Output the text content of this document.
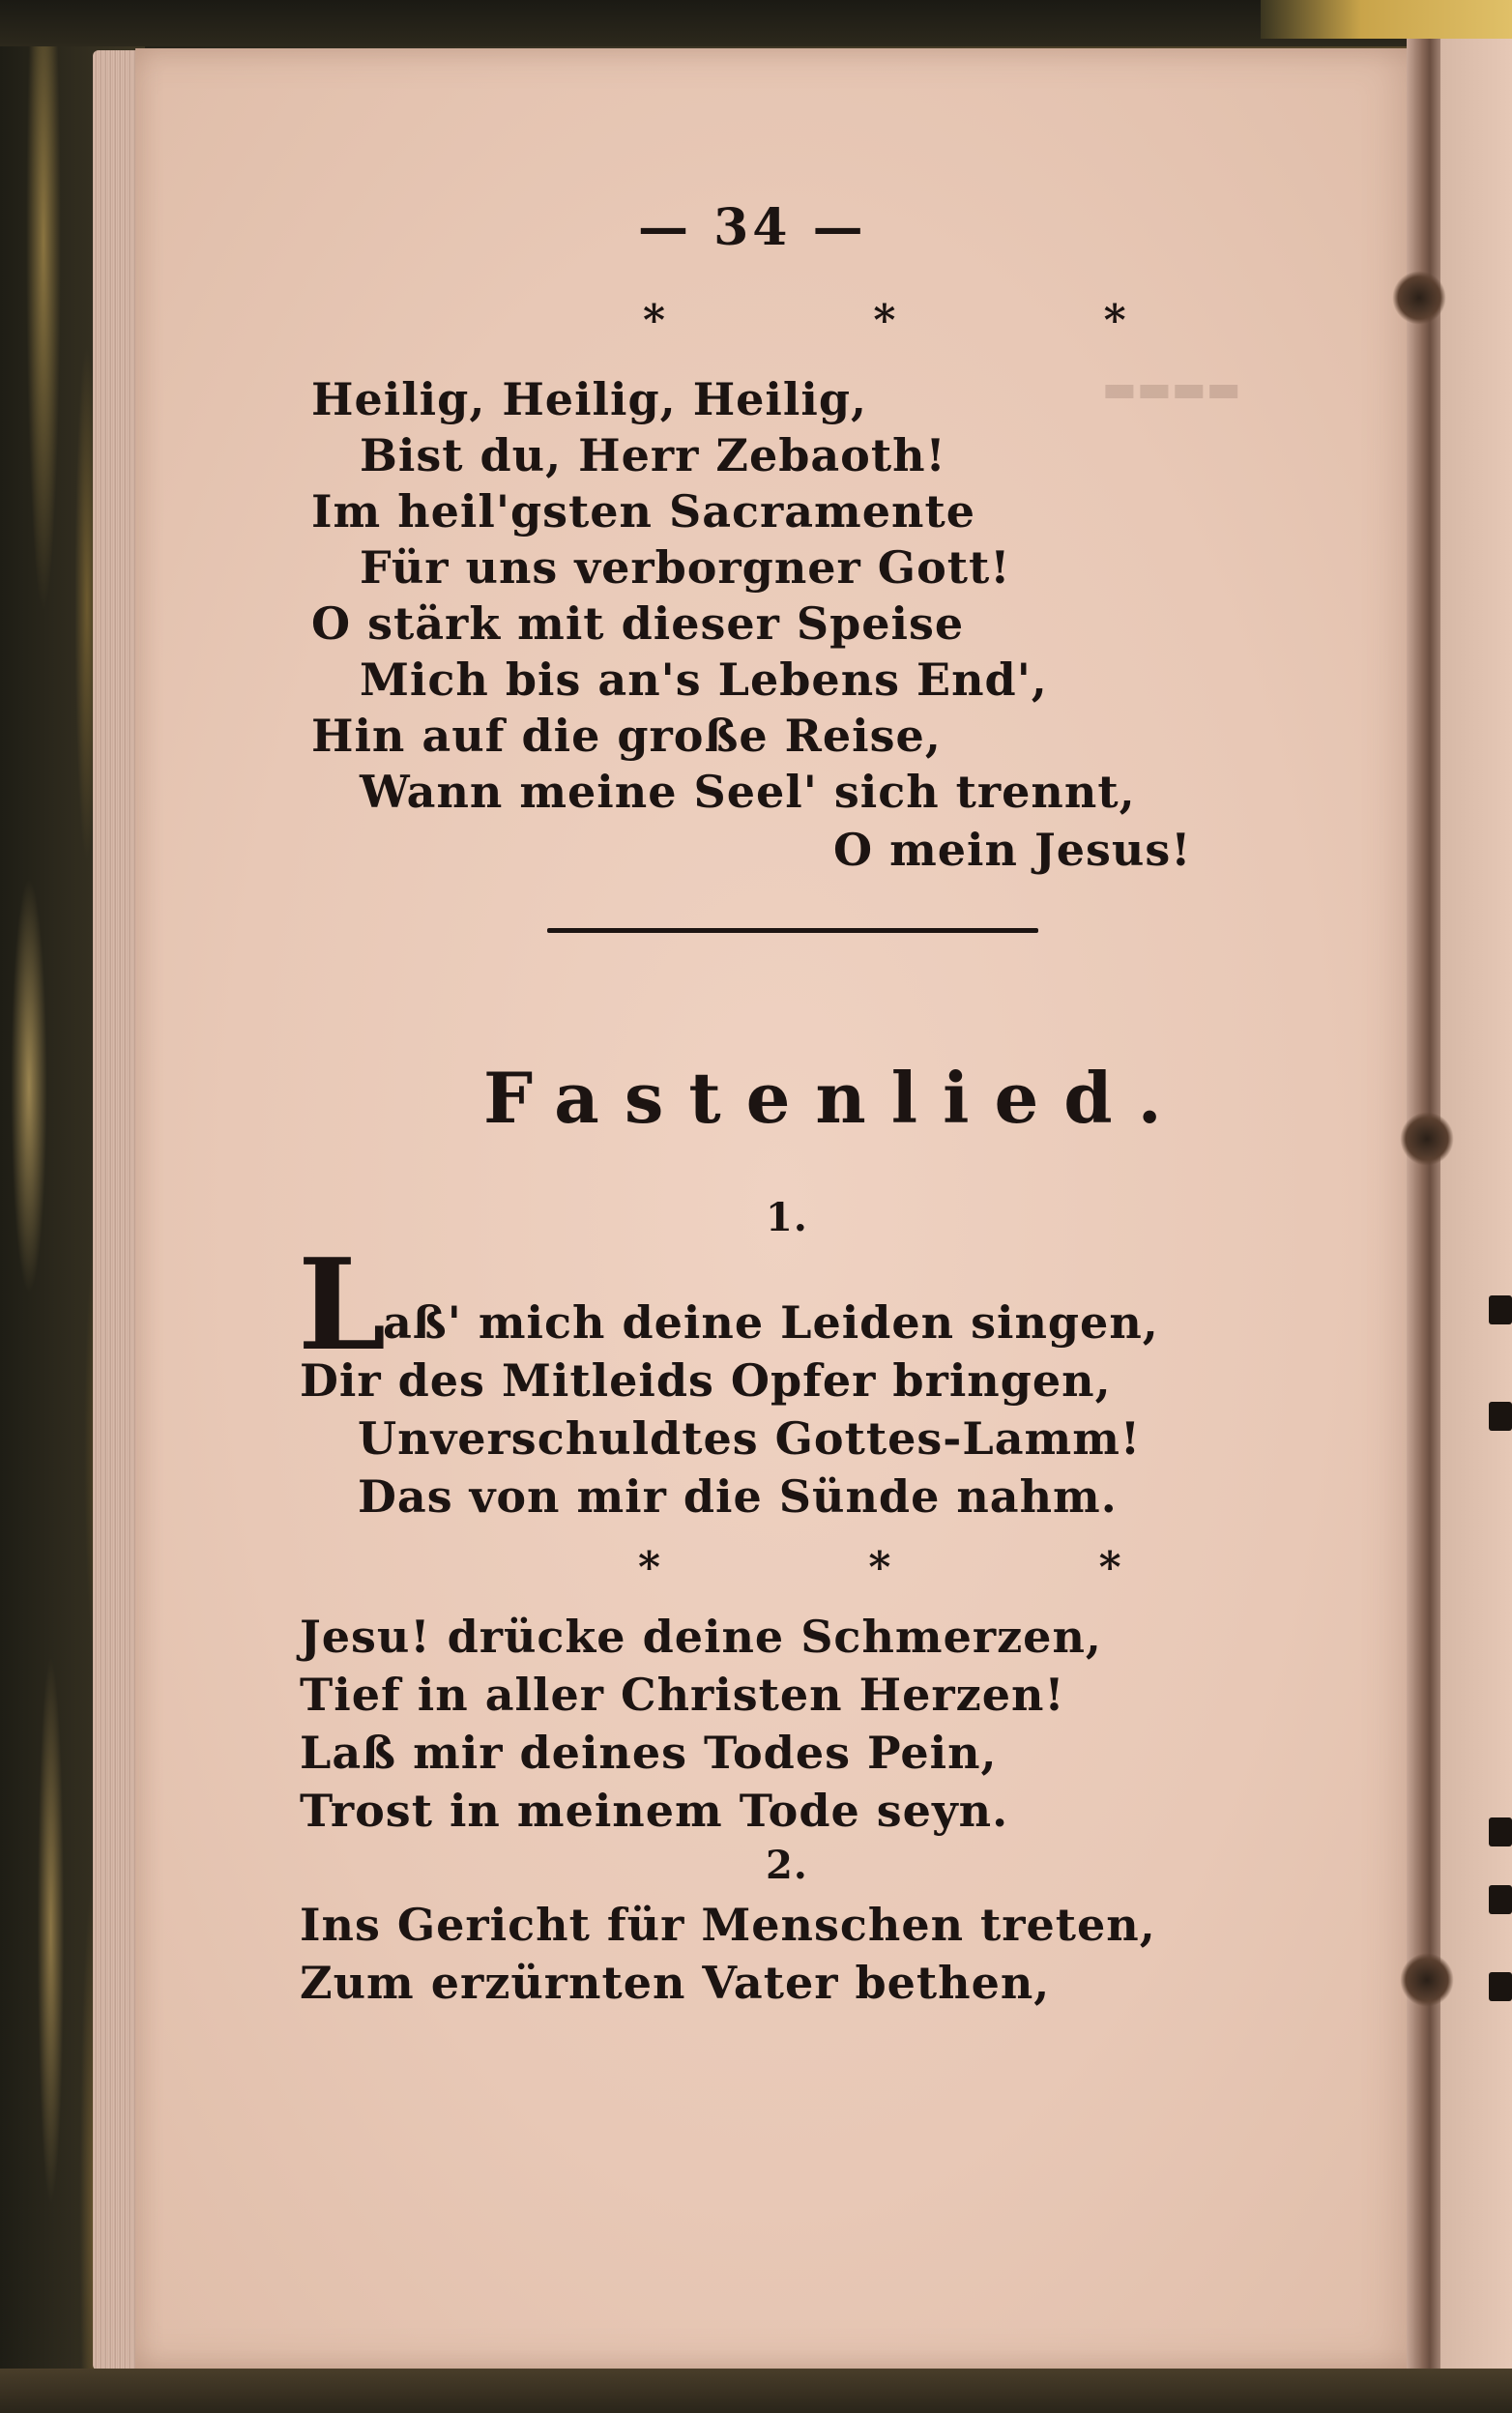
▬▬▬▬
— 34 —
* * *
Heilig, Heilig, Heilig,
Bist du, Herr Zebaoth!
Im heil'gsten Sacramente
Für uns verborgner Gott!
O stärk mit dieser Speise
Mich bis an's Lebens End',
Hin auf die große Reise,
Wann meine Seel' sich trennt,
O mein Jesus!
Fastenlied.
1.
L
aß' mich deine Leiden singen,
Dir des Mitleids Opfer bringen,
Unverschuldtes Gottes-Lamm!
Das von mir die Sünde nahm.
* * *
Jesu! drücke deine Schmerzen,
Tief in aller Christen Herzen!
Laß mir deines Todes Pein,
Trost in meinem Tode seyn.
2.
Ins Gericht für Menschen treten,
Zum erzürnten Vater bethen,
